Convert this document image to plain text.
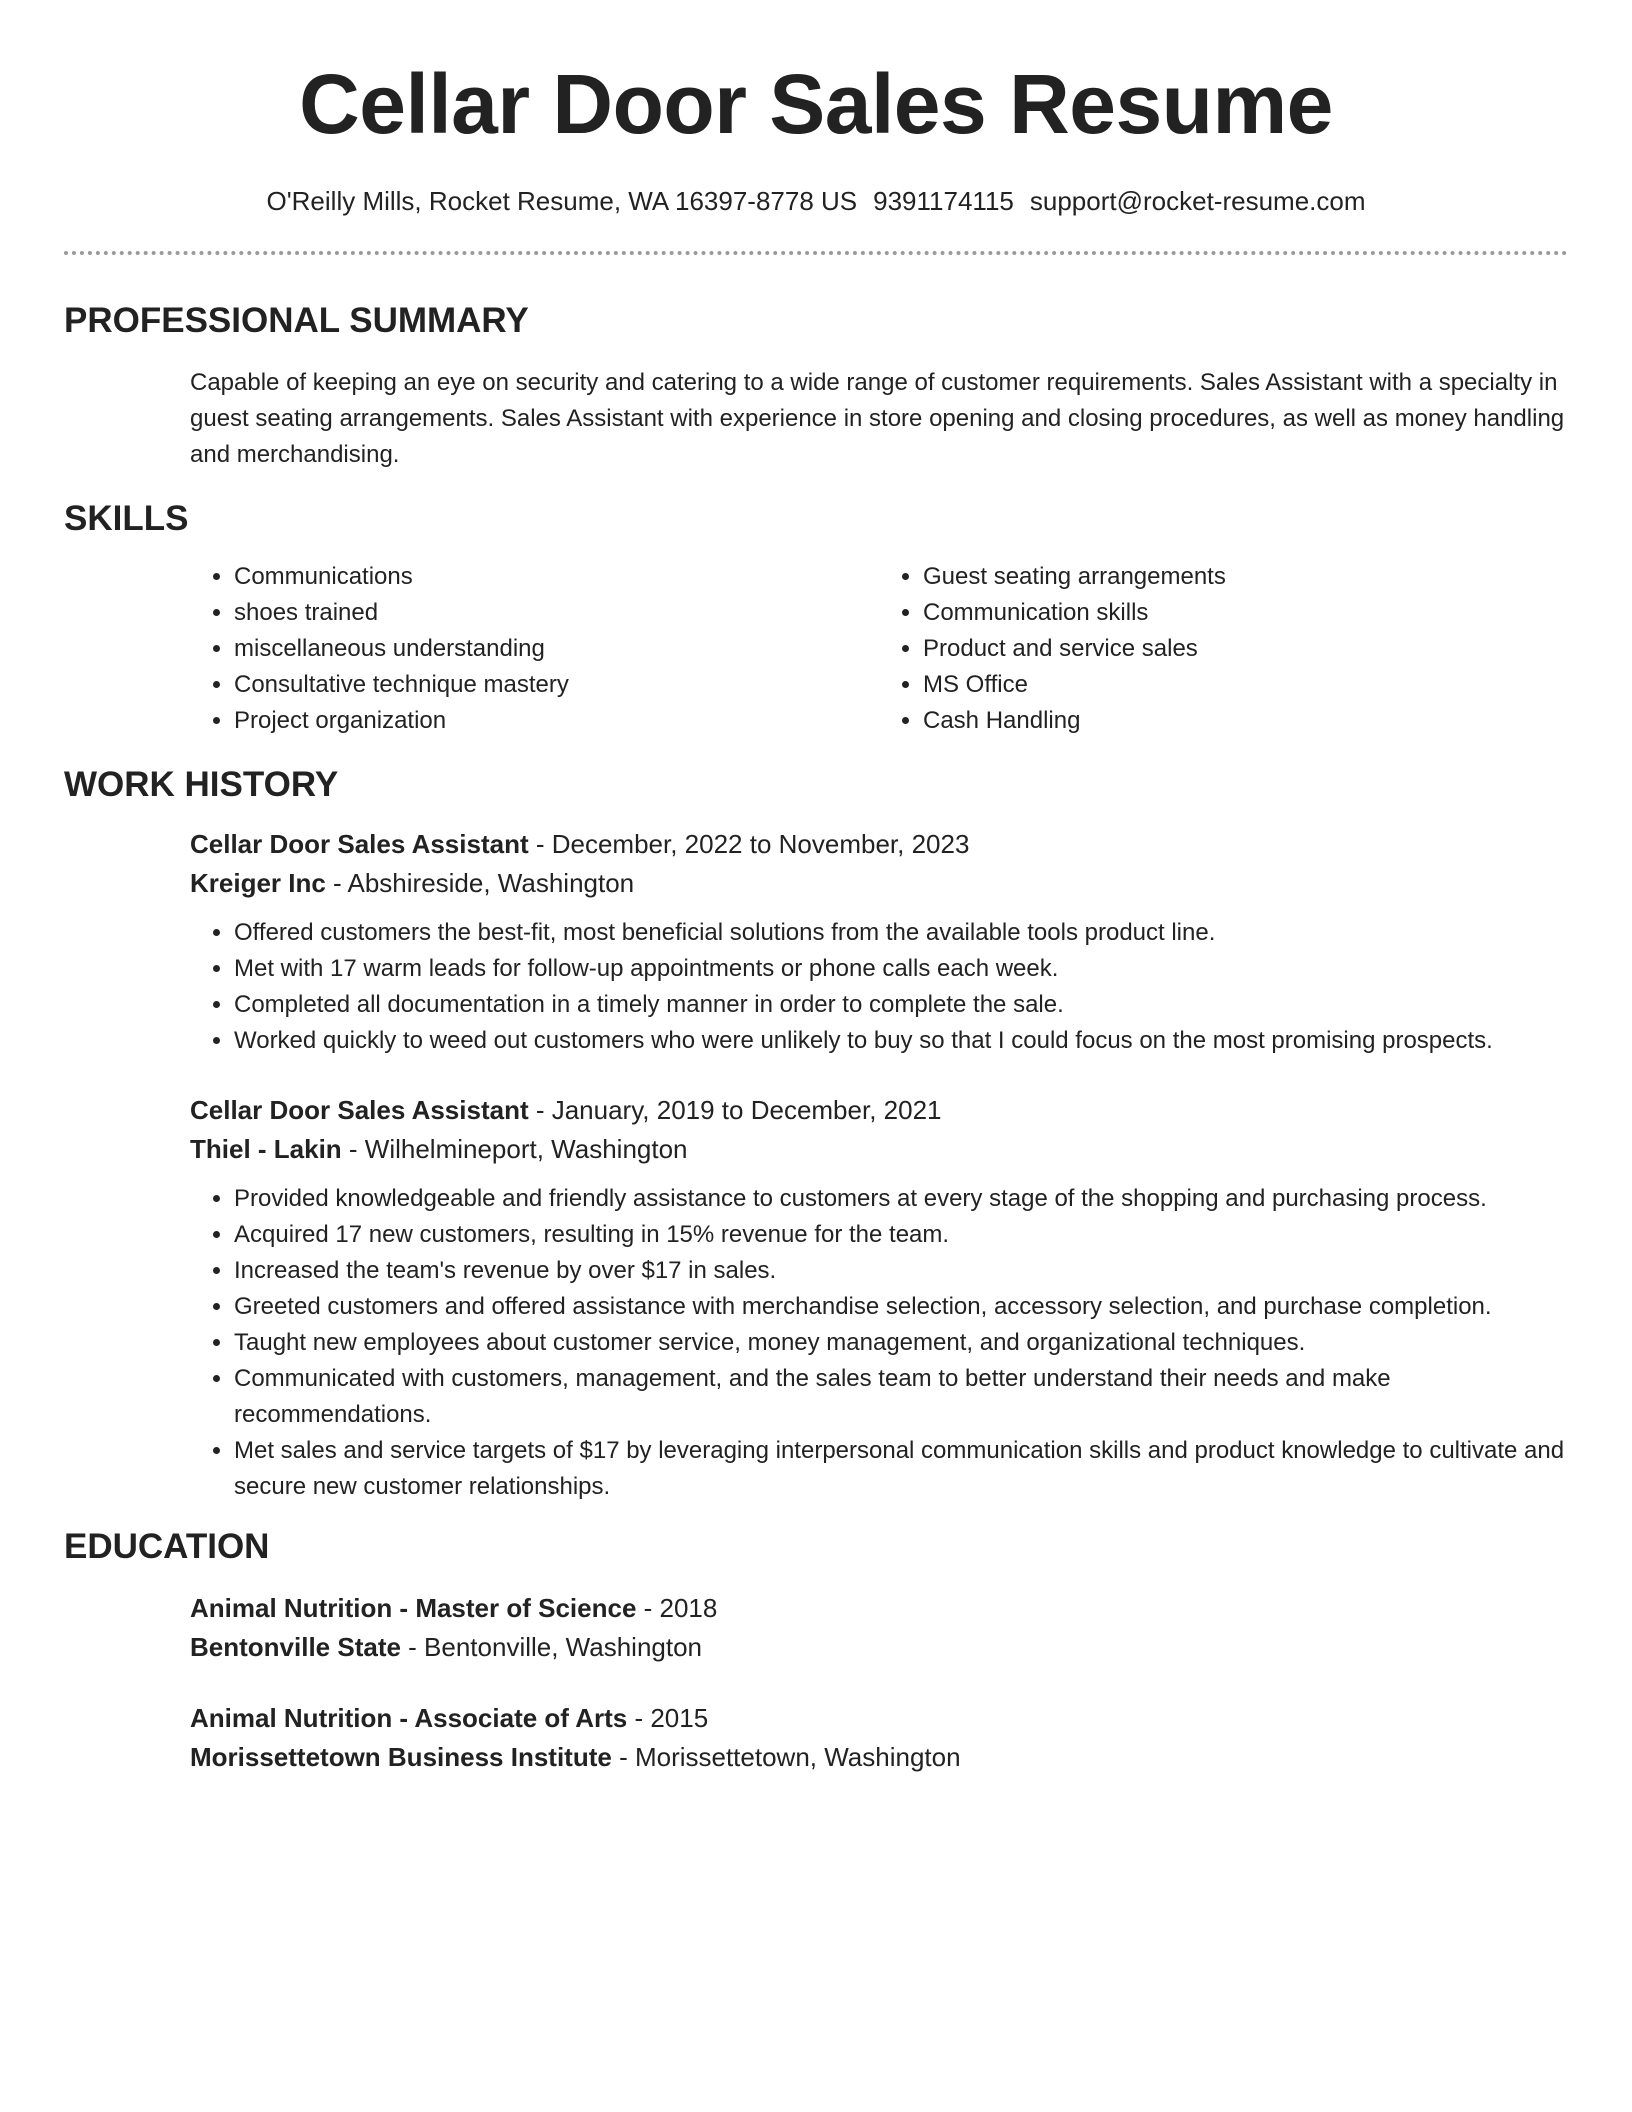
Cellar Door Sales Resume
O'Reilly Mills, Rocket Resume, WA 16397-8778 US 9391174115 support@rocket-resume.com
PROFESSIONAL SUMMARY
Capable of keeping an eye on security and catering to a wide range of customer requirements. Sales Assistant with a specialty in guest seating arrangements. Sales Assistant with experience in store opening and closing procedures, as well as money handling and merchandising.
SKILLS
• Communications
• shoes trained
• miscellaneous understanding
• Consultative technique mastery
• Project organization
• Guest seating arrangements
• Communication skills
• Product and service sales
• MS Office
• Cash Handling
WORK HISTORY
Cellar Door Sales Assistant - December, 2022 to November, 2023
Kreiger Inc - Abshireside, Washington
• Offered customers the best-fit, most beneficial solutions from the available tools product line.
• Met with 17 warm leads for follow-up appointments or phone calls each week.
• Completed all documentation in a timely manner in order to complete the sale.
• Worked quickly to weed out customers who were unlikely to buy so that I could focus on the most promising prospects.
Cellar Door Sales Assistant - January, 2019 to December, 2021
Thiel - Lakin - Wilhelmineport, Washington
• Provided knowledgeable and friendly assistance to customers at every stage of the shopping and purchasing process.
• Acquired 17 new customers, resulting in 15% revenue for the team.
• Increased the team's revenue by over $17 in sales.
• Greeted customers and offered assistance with merchandise selection, accessory selection, and purchase completion.
• Taught new employees about customer service, money management, and organizational techniques.
• Communicated with customers, management, and the sales team to better understand their needs and make recommendations.
• Met sales and service targets of $17 by leveraging interpersonal communication skills and product knowledge to cultivate and secure new customer relationships.
EDUCATION
Animal Nutrition - Master of Science - 2018
Bentonville State - Bentonville, Washington
Animal Nutrition - Associate of Arts - 2015
Morissettetown Business Institute - Morissettetown, Washington
